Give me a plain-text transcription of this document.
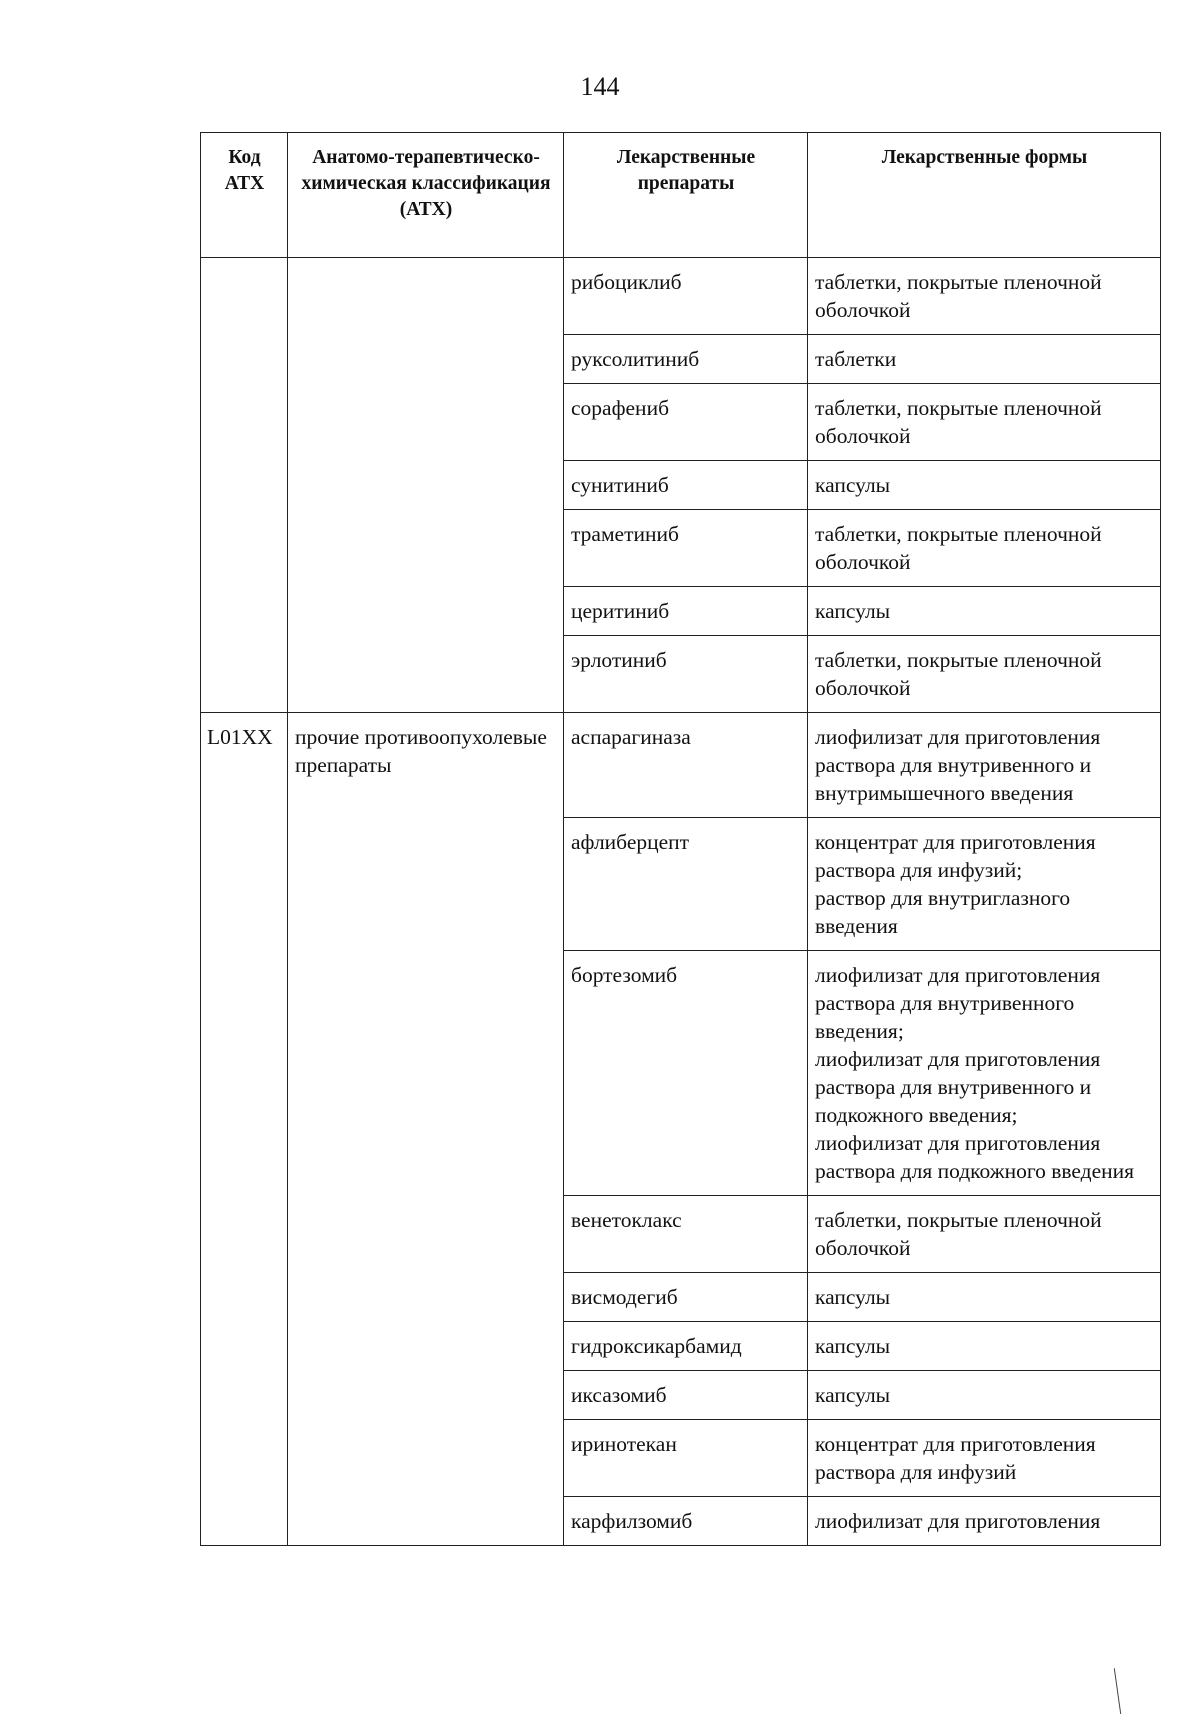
144
Код АТХ	Анатомо-терапевтическо-химическая классификация (АТХ)	Лекарственные препараты	Лекарственные формы
		рибоциклиб	таблетки, покрытые пленочной оболочкой

		руксолитиниб	таблетки

		сорафениб	таблетки, покрытые пленочной оболочкой

		сунитиниб	капсулы

		траметиниб	таблетки, покрытые пленочной оболочкой

		церитиниб	капсулы

		эрлотиниб	таблетки, покрытые пленочной оболочкой

L01XX	прочие противоопухолевые препараты	аспарагиназа	лиофилизат для приготовления раствора для внутривенного и внутримышечного введения

		афлиберцепт	концентрат для приготовления раствора для инфузий;
раствор для внутриглазного введения

		бортезомиб	лиофилизат для приготовления раствора для внутривенного введения;
лиофилизат для приготовления раствора для внутривенного и подкожного введения;
лиофилизат для приготовления раствора для подкожного введения

		венетоклакс	таблетки, покрытые пленочной оболочкой

		висмодегиб	капсулы

		гидроксикарбамид	капсулы

		иксазомиб	капсулы

		иринотекан	концентрат для приготовления раствора для инфузий

		карфилзомиб	лиофилизат для приготовления
